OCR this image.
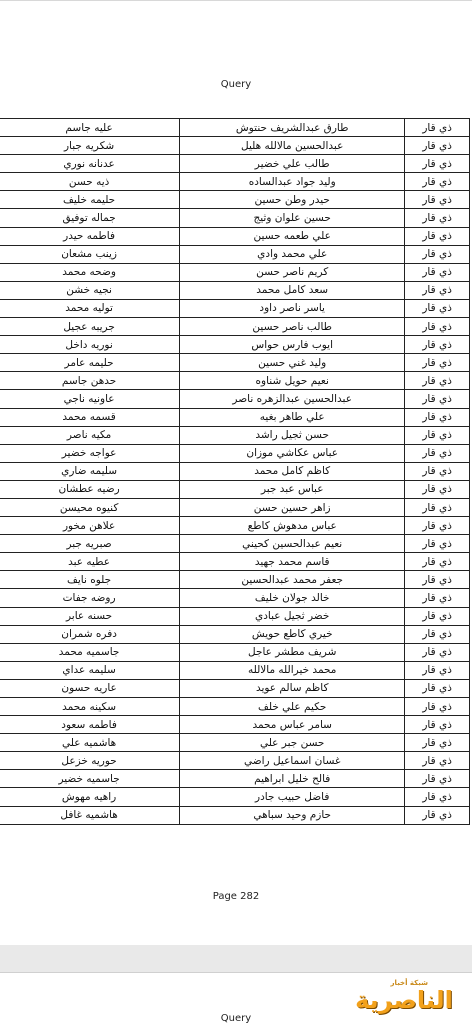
Query
ذي قار	طارق عبدالشريف حنتوش	عليه جاسم
ذي قار	عبدالحسين مالالله هليل	شكريه جبار
ذي قار	طالب علي خضير	عدنانه نوري
ذي قار	وليد جواد عبدالساده	ذيه حسن
ذي قار	حيدر وطن حسين	حليمه خليف
ذي قار	حسين علوان وثيج	جماله توفيق
ذي قار	علي طعمه حسين	فاطمه حيدر
ذي قار	علي محمد وادي	زينب مشعان
ذي قار	كريم ناصر حسن	وضحه محمد
ذي قار	سعد كامل محمد	نجيه خشن
ذي قار	ياسر ناصر داود	توليه محمد
ذي قار	طالب ناصر حسين	جريبه عجيل
ذي قار	ايوب فارس حواس	نوريه داخل
ذي قار	وليد غني حسين	حليمه عامر
ذي قار	نعيم حويل شناوه	حدهن جاسم
ذي قار	عبدالحسين عبدالزهره ناصر	عاونيه ناجي
ذي قار	علي طاهر بغيه	قسمه محمد
ذي قار	حسن ثجيل راشد	مكيه ناصر
ذي قار	عباس عكاشي موزان	عواجه خضير
ذي قار	كاظم كامل محمد	سليمه ضاري
ذي قار	عباس عبد جبر	رضيه عطشان
ذي قار	زاهر حسين حسن	كنيوه محيسن
ذي قار	عباس مدهوش كاطع	علاهن مخور
ذي قار	نعيم عبدالحسين كحيني	صبريه جبر
ذي قار	قاسم محمد جهيد	عطيه عبد
ذي قار	جعفر محمد عبدالحسين	جلوه نايف
ذي قار	خالد جولان خليف	روضه جفات
ذي قار	خضر ثجيل عبادي	حسنه عابر
ذي قار	خيري كاطع حويش	دفره شمران
ذي قار	شريف مطشر عاجل	جاسميه محمد
ذي قار	محمد خيرالله مالالله	سليمه عداي
ذي قار	كاظم سالم عويد	عاريه حسون
ذي قار	حكيم علي خلف	سكينه محمد
ذي قار	سامر عباس محمد	فاطمه سعود
ذي قار	حسن جبر علي	هاشميه علي
ذي قار	غسان اسماعيل راضي	حوريه خزعل
ذي قار	فالح خليل ابراهيم	جاسميه خضير
ذي قار	فاضل حبيب جادر	راهيه مهوش
ذي قار	حازم وحيد سباهي	هاشميه غافل
Page 282
Query
شبكة أخبار
الناصرية
